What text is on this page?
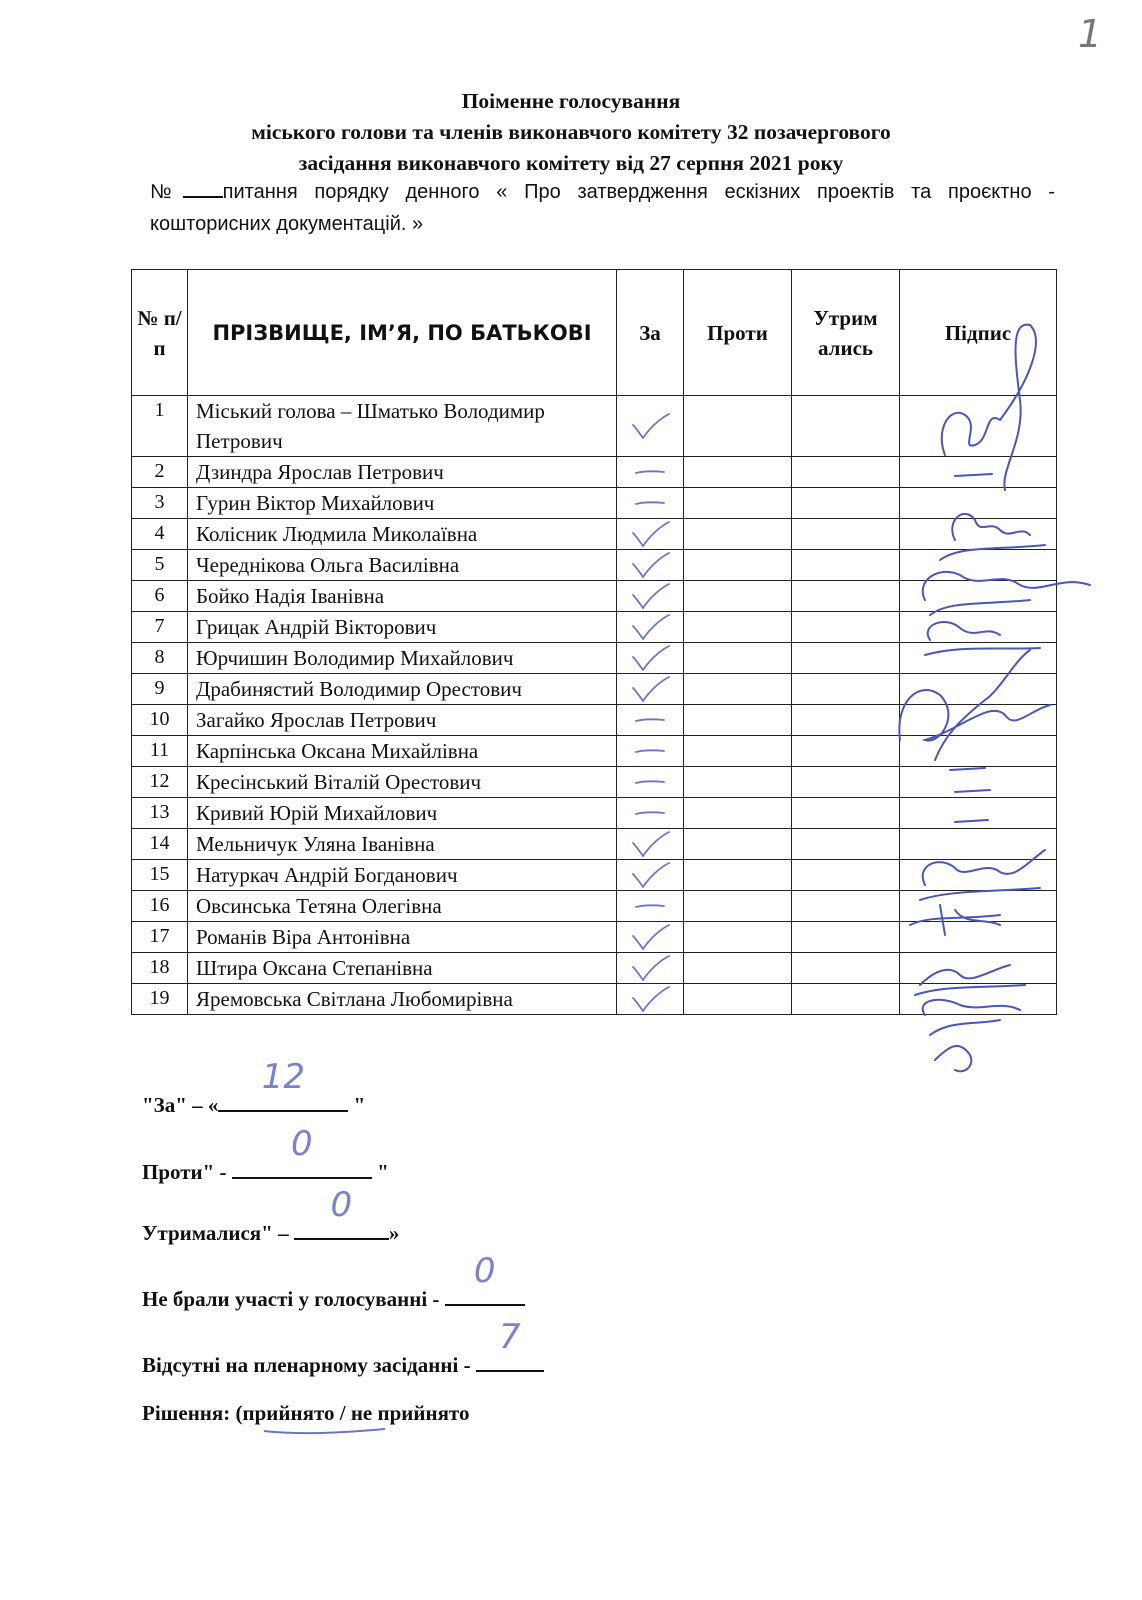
1

Поіменне голосування

міського голови та членів виконавчого комітету 32 позачергового

засідання виконавчого комітету від 27 серпня 2021 року

№ питання порядку денного « Про затвердження ескізних проектів та проєктно - кошторисних документацій. »
№ п/п	ПРІЗВИЩЕ, ІМ’Я, ПО БАТЬКОВІ	За	Проти	Утрим ались	Підпис
1	Міський голова – Шматько Володимир Петрович	

2	Дзиндра Ярослав Петрович	

3	Гурин Віктор Михайлович	

4	Колісник Людмила Миколаївна	

5	Череднікова Ольга Василівна	

6	Бойко Надія Іванівна	

7	Грицак Андрій Вікторович	

8	Юрчишин Володимир Михайлович	

9	Драбинястий Володимир Орестович	

10	Загайко Ярослав Петрович	

11	Карпінська Оксана Михайлівна	

12	Кресінський Віталій Орестович	

13	Кривий Юрій Михайлович	

14	Мельничук Уляна Іванівна	

15	Натуркач Андрій Богданович	

16	Овсинська Тетяна Олегівна	

17	Романів Віра Антонівна	

18	Штира Оксана Степанівна	

19	Яремовська Світлана Любомирівна	

"За" – «
12
"
Проти" -
0
"
Утрималися" –
0
»
Не брали участі у голосуванні -
0
Відсутні на пленарному засіданні -
7
Рішення: (прийнято / не прийнято
